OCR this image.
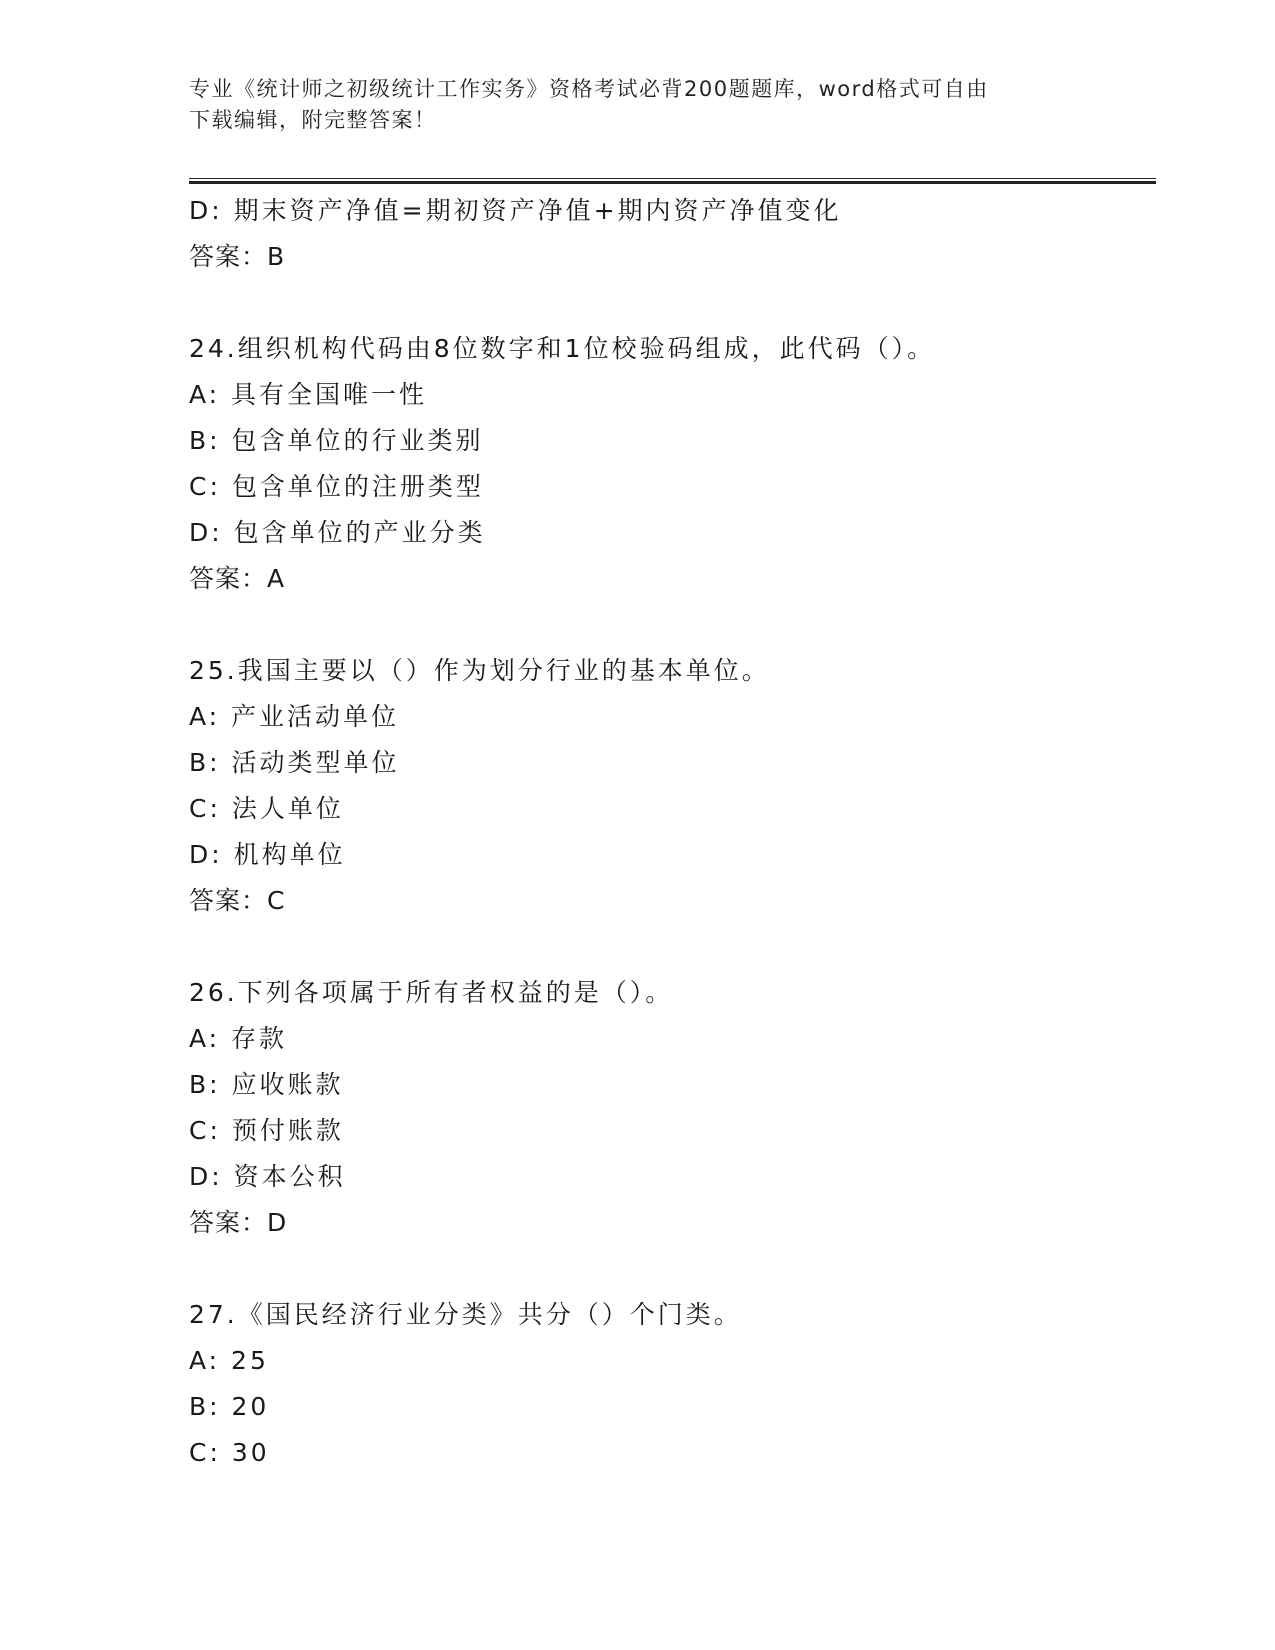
专业《统计师之初级统计工作实务》资格考试必背200题题库，word格式可自由
下载编辑，附完整答案！
D: 期末资产净值=期初资产净值+期内资产净值变化
答案：B
24.组织机构代码由8位数字和1位校验码组成，此代码（）。
A: 具有全国唯一性
B: 包含单位的行业类别
C: 包含单位的注册类型
D: 包含单位的产业分类
答案：A
25.我国主要以（）作为划分行业的基本单位。
A: 产业活动单位
B: 活动类型单位
C: 法人单位
D: 机构单位
答案：C
26.下列各项属于所有者权益的是（）。
A: 存款
B: 应收账款
C: 预付账款
D: 资本公积
答案：D
27.《国民经济行业分类》共分（）个门类。
A: 25
B: 20
C: 30
